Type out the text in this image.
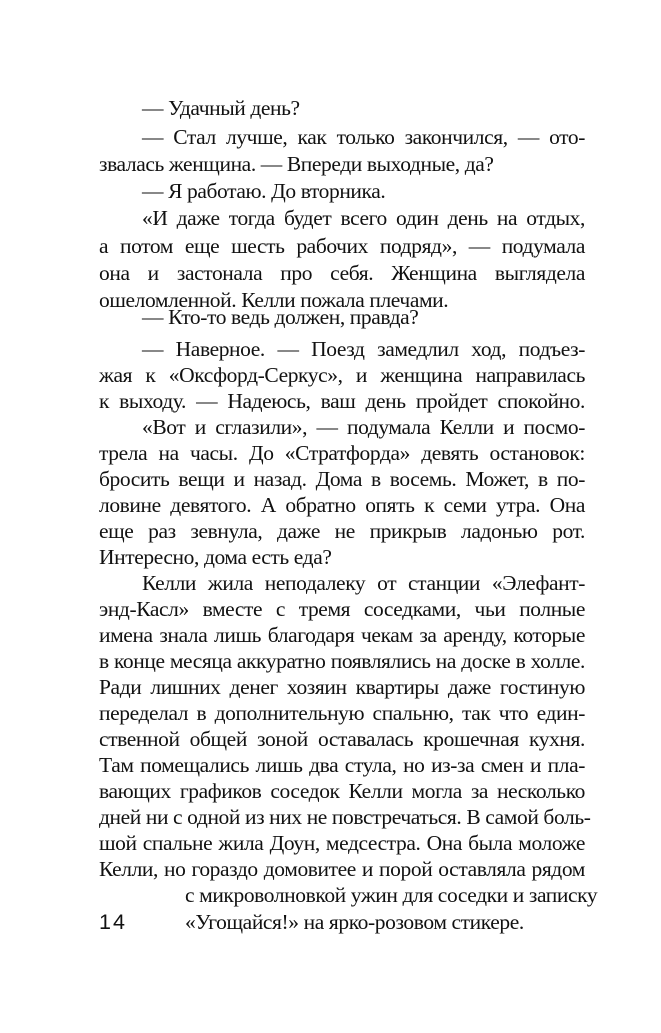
— Удачный день?
— Стал лучше, как только закончился, — ото-
звалась женщина. — Впереди выходные, да?
— Я работаю. До вторника.
«И даже тогда будет всего один день на отдых,
а потом еще шесть рабочих подряд», — подумала
она и застонала про себя. Женщина выглядела
ошеломленной. Келли пожала плечами.
— Кто-то ведь должен, правда?
— Наверное. — Поезд замедлил ход, подъез-
жая к «Оксфорд-Серкус», и женщина направилась
к выходу. — Надеюсь, ваш день пройдет спокойно.
«Вот и сглазили», — подумала Келли и посмо-
трела на часы. До «Стратфорда» девять остановок:
бросить вещи и назад. Дома в восемь. Может, в по-
ловине девятого. А обратно опять к семи утра. Она
еще раз зевнула, даже не прикрыв ладонью рот.
Интересно, дома есть еда?
Келли жила неподалеку от станции «Элефант-
энд-Касл» вместе с тремя соседками, чьи полные
имена знала лишь благодаря чекам за аренду, которые
в конце месяца аккуратно появлялись на доске в холле.
Ради лишних денег хозяин квартиры даже гостиную
переделал в дополнительную спальню, так что един-
ственной общей зоной оставалась крошечная кухня.
Там помещались лишь два стула, но из-за смен и пла-
вающих графиков соседок Келли могла за несколько
дней ни с одной из них не повстречаться. В самой боль-
шой спальне жила Доун, медсестра. Она была моложе
Келли, но гораздо домовитее и порой оставляла рядом
с микроволновкой ужин для соседки и записку
«Угощайся!» на ярко-розовом стикере.
14
